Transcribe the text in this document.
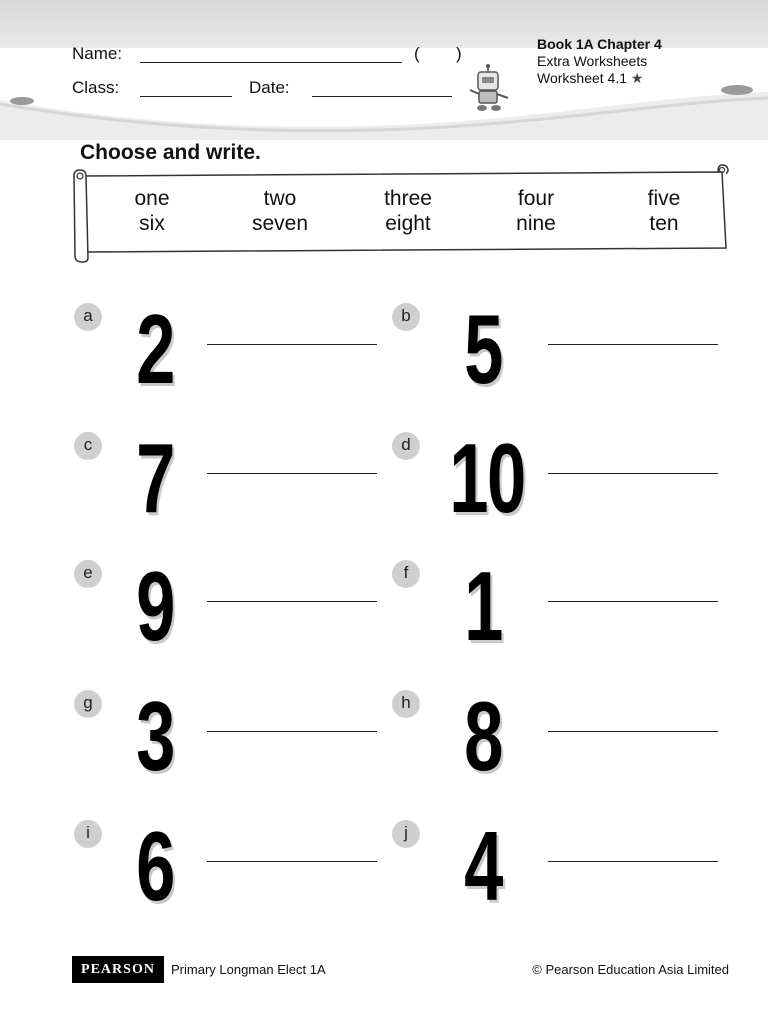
Name:	( )
Class:	Date:
Book 1A Chapter 4
Extra Worksheets
Worksheet 4.1 ★
Choose and write.
one	two	three	four	five
six	seven	eight	nine	ten
a 2	b 5
c 7	d 10
e 9	f 1
g 3	h 8
i 6	j 4
PEARSON	Primary Longman Elect 1A	© Pearson Education Asia Limited
